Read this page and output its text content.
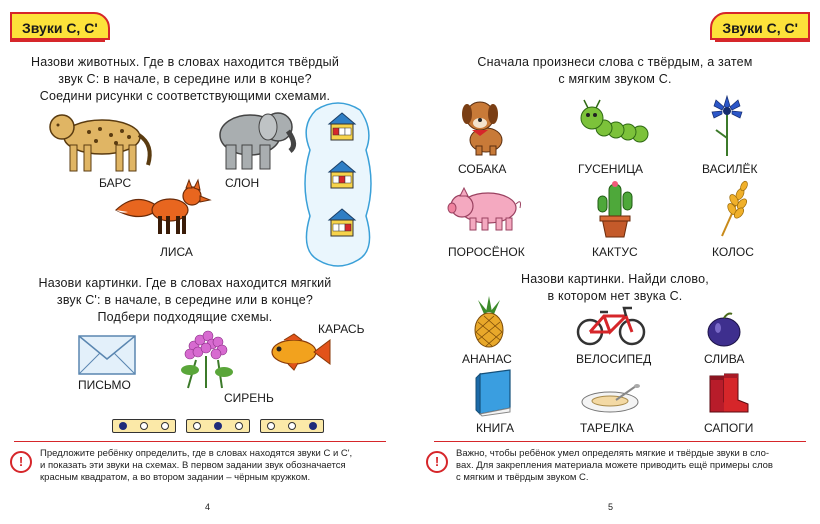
Звуки С, С'
Назови животных. Где в словах находится твёрдый
звук С: в начале, в середине или в конце?
Соедини рисунки с соответствующими схемами.
БАРС	СЛОН
ЛИСА
Назови картинки. Где в словах находится мягкий
звук С': в начале, в середине или в конце?
Подбери подходящие схемы.
ПИСЬМО
СИРЕНЬ
КАРАСЬ
!
Предложите ребёнку определить, где в словах находятся звуки С и С',
и показать эти звуки на схемах. В первом задании звук обозначается
красным квадратом, а во втором задании – чёрным кружком.
4
Звуки С, С'
Сначала произнеси слова с твёрдым, а затем
с мягким звуком С.
СОБАКА	ГУСЕНИЦА	ВАСИЛЁК
ПОРОСЁНОК	КАКТУС	КОЛОС
Назови картинки. Найди слово,
в котором нет звука С.
АНАНАС	ВЕЛОСИПЕД	СЛИВА
КНИГА	ТАРЕЛКА	САПОГИ
!
Важно, чтобы ребёнок умел определять мягкие и твёрдые звуки в сло-
вах. Для закрепления материала можете приводить ещё примеры слов
с мягким и твёрдым звуком С.
5
